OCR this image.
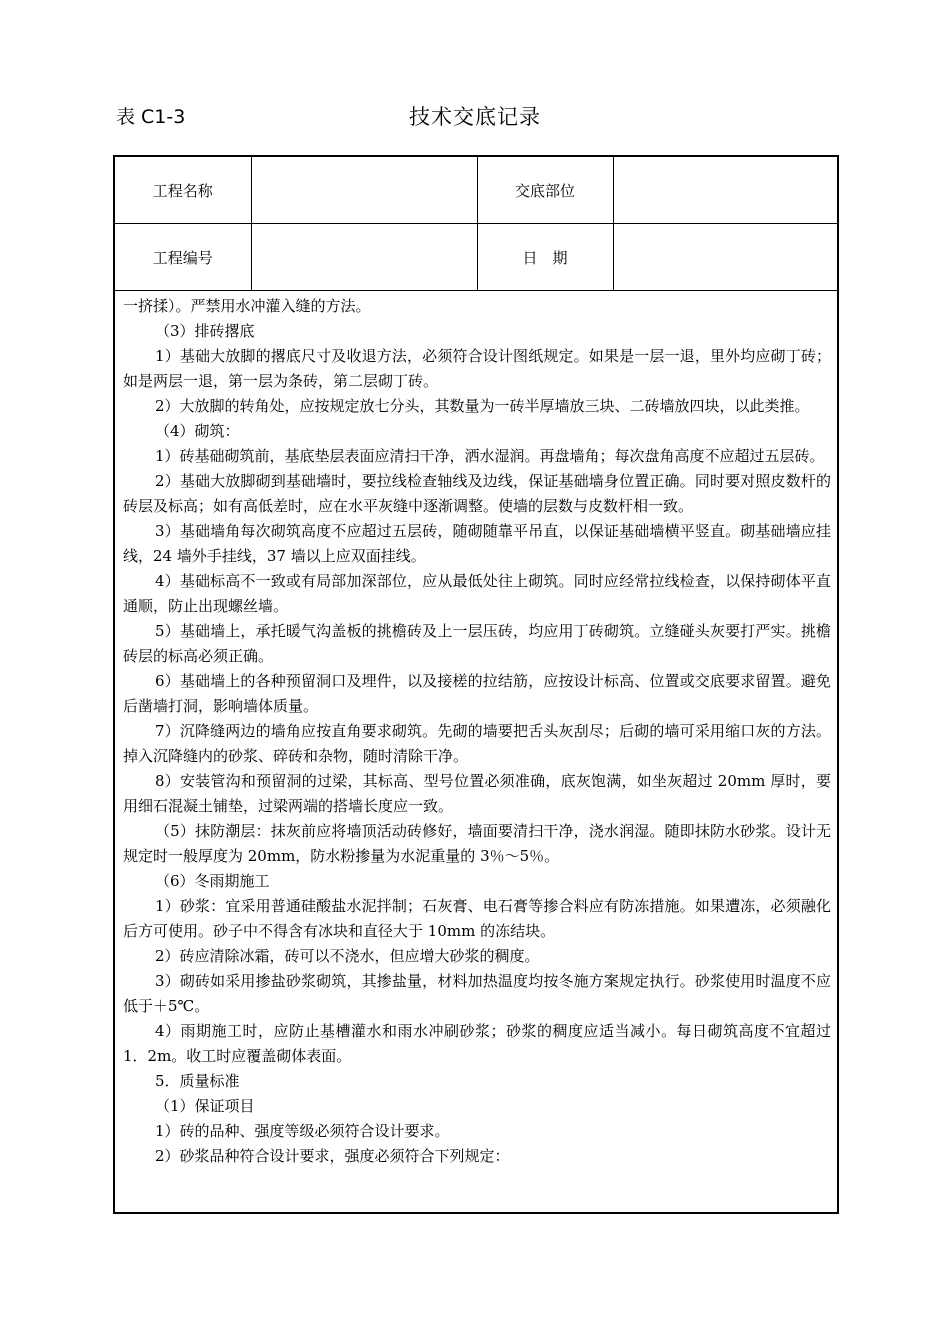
表 C1-3	技术交底记录
工程名称		交底部位	
工程编号		日　期	

一挤揉）。严禁用水冲灌入缝的方法。

（3）排砖撂底

1）基础大放脚的撂底尺寸及收退方法，必须符合设计图纸规定。如果是一层一退，里外均应砌丁砖；如是两层一退，第一层为条砖，第二层砌丁砖。

2）大放脚的转角处，应按规定放七分头，其数量为一砖半厚墙放三块、二砖墙放四块，以此类推。

（4）砌筑：

1）砖基础砌筑前，基底垫层表面应清扫干净，洒水湿润。再盘墙角；每次盘角高度不应超过五层砖。

2）基础大放脚砌到基础墙时，要拉线检查轴线及边线，保证基础墙身位置正确。同时要对照皮数杆的砖层及标高；如有高低差时，应在水平灰缝中逐渐调整。使墙的层数与皮数杆相一致。

3）基础墙角每次砌筑高度不应超过五层砖，随砌随靠平吊直，以保证基础墙横平竖直。砌基础墙应挂线，24 墙外手挂线，37 墙以上应双面挂线。

4）基础标高不一致或有局部加深部位，应从最低处往上砌筑。同时应经常拉线检查，以保持砌体平直通顺，防止出现螺丝墙。

5）基础墙上，承托暖气沟盖板的挑檐砖及上一层压砖，均应用丁砖砌筑。立缝碰头灰要打严实。挑檐砖层的标高必须正确。

6）基础墙上的各种预留洞口及埋件，以及接槎的拉结筋，应按设计标高、位置或交底要求留置。避免后凿墙打洞，影响墙体质量。

7）沉降缝两边的墙角应按直角要求砌筑。先砌的墙要把舌头灰刮尽；后砌的墙可采用缩口灰的方法。掉入沉降缝内的砂浆、碎砖和杂物，随时清除干净。

8）安装管沟和预留洞的过梁，其标高、型号位置必须准确，底灰饱满，如坐灰超过 20mm 厚时，要用细石混凝土铺垫，过梁两端的搭墙长度应一致。

（5）抹防潮层：抹灰前应将墙顶活动砖修好，墙面要清扫干净，浇水润湿。随即抹防水砂浆。设计无规定时一般厚度为 20mm，防水粉掺量为水泥重量的 3％～5％。

（6）冬雨期施工

1）砂浆：宜采用普通硅酸盐水泥拌制；石灰膏、电石膏等掺合料应有防冻措施。如果遭冻，必须融化后方可使用。砂子中不得含有冰块和直径大于 10mm 的冻结块。

2）砖应清除冰霜，砖可以不浇水，但应增大砂浆的稠度。

3）砌砖如采用掺盐砂浆砌筑，其掺盐量，材料加热温度均按冬施方案规定执行。砂浆使用时温度不应低于＋5℃。

4）雨期施工时，应防止基槽灌水和雨水冲刷砂浆；砂浆的稠度应适当减小。每日砌筑高度不宜超过 1．2m。收工时应覆盖砌体表面。

5．质量标准

（1）保证项目

1）砖的品种、强度等级必须符合设计要求。

2）砂浆品种符合设计要求，强度必须符合下列规定：
